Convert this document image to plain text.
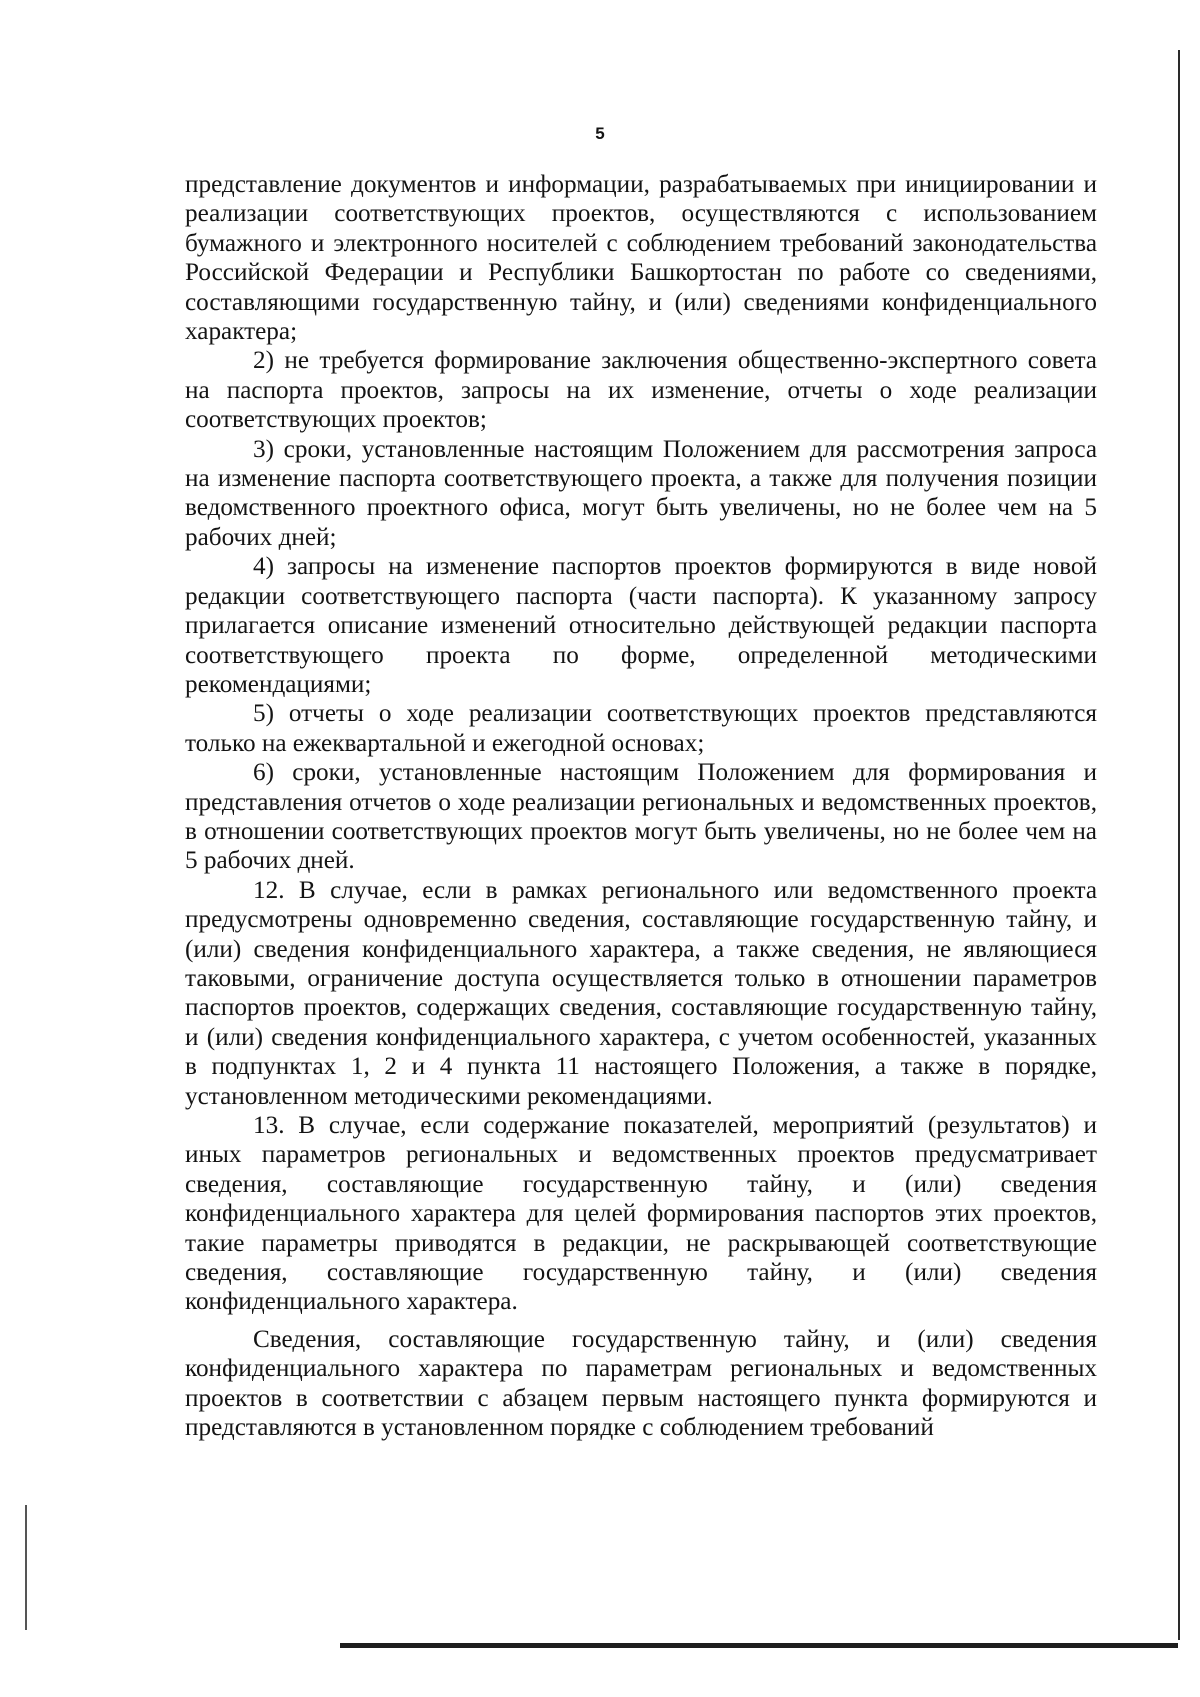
5

представление документов и информации, разрабатываемых при инициировании и реализации соответствующих проектов, осуществляются с использованием бумажного и электронного носителей с соблюдением требований законодательства Российской Федерации и Республики Башкортостан по работе со сведениями, составляющими государственную тайну, и (или) сведениями конфиденциального характера;

2) не требуется формирование заключения общественно-экспертного совета на паспорта проектов, запросы на их изменение, отчеты о ходе реализации соответствующих проектов;

3) сроки, установленные настоящим Положением для рассмотрения запроса на изменение паспорта соответствующего проекта, а также для получения позиции ведомственного проектного офиса, могут быть увеличены, но не более чем на 5 рабочих дней;

4) запросы на изменение паспортов проектов формируются в виде новой редакции соответствующего паспорта (части паспорта). К указанному запросу прилагается описание изменений относительно действующей редакции паспорта соответствующего проекта по форме, определенной методическими рекомендациями;

5) отчеты о ходе реализации соответствующих проектов представляются только на ежеквартальной и ежегодной основах;

6) сроки, установленные настоящим Положением для формирования и представления отчетов о ходе реализации региональных и ведомственных проектов, в отношении соответствующих проектов могут быть увеличены, но не более чем на 5 рабочих дней.

12. В случае, если в рамках регионального или ведомственного проекта предусмотрены одновременно сведения, составляющие государственную тайну, и (или) сведения конфиденциального характера, а также сведения, не являющиеся таковыми, ограничение доступа осуществляется только в отношении параметров паспортов проектов, содержащих сведения, составляющие государственную тайну, и (или) сведения конфиденциального характера, с учетом особенностей, указанных в подпунктах 1, 2 и 4 пункта 11 настоящего Положения, а также в порядке, установленном методическими рекомендациями.

13. В случае, если содержание показателей, мероприятий (результатов) и иных параметров региональных и ведомственных проектов предусматривает сведения, составляющие государственную тайну, и (или) сведения конфиденциального характера для целей формирования паспортов этих проектов, такие параметры приводятся в редакции, не раскрывающей соответствующие сведения, составляющие государственную тайну, и (или) сведения конфиденциального характера.

Сведения, составляющие государственную тайну, и (или) сведения конфиденциального характера по параметрам региональных и ведомственных проектов в соответствии с абзацем первым настоящего пункта формируются и представляются в установленном порядке с соблюдением требований
